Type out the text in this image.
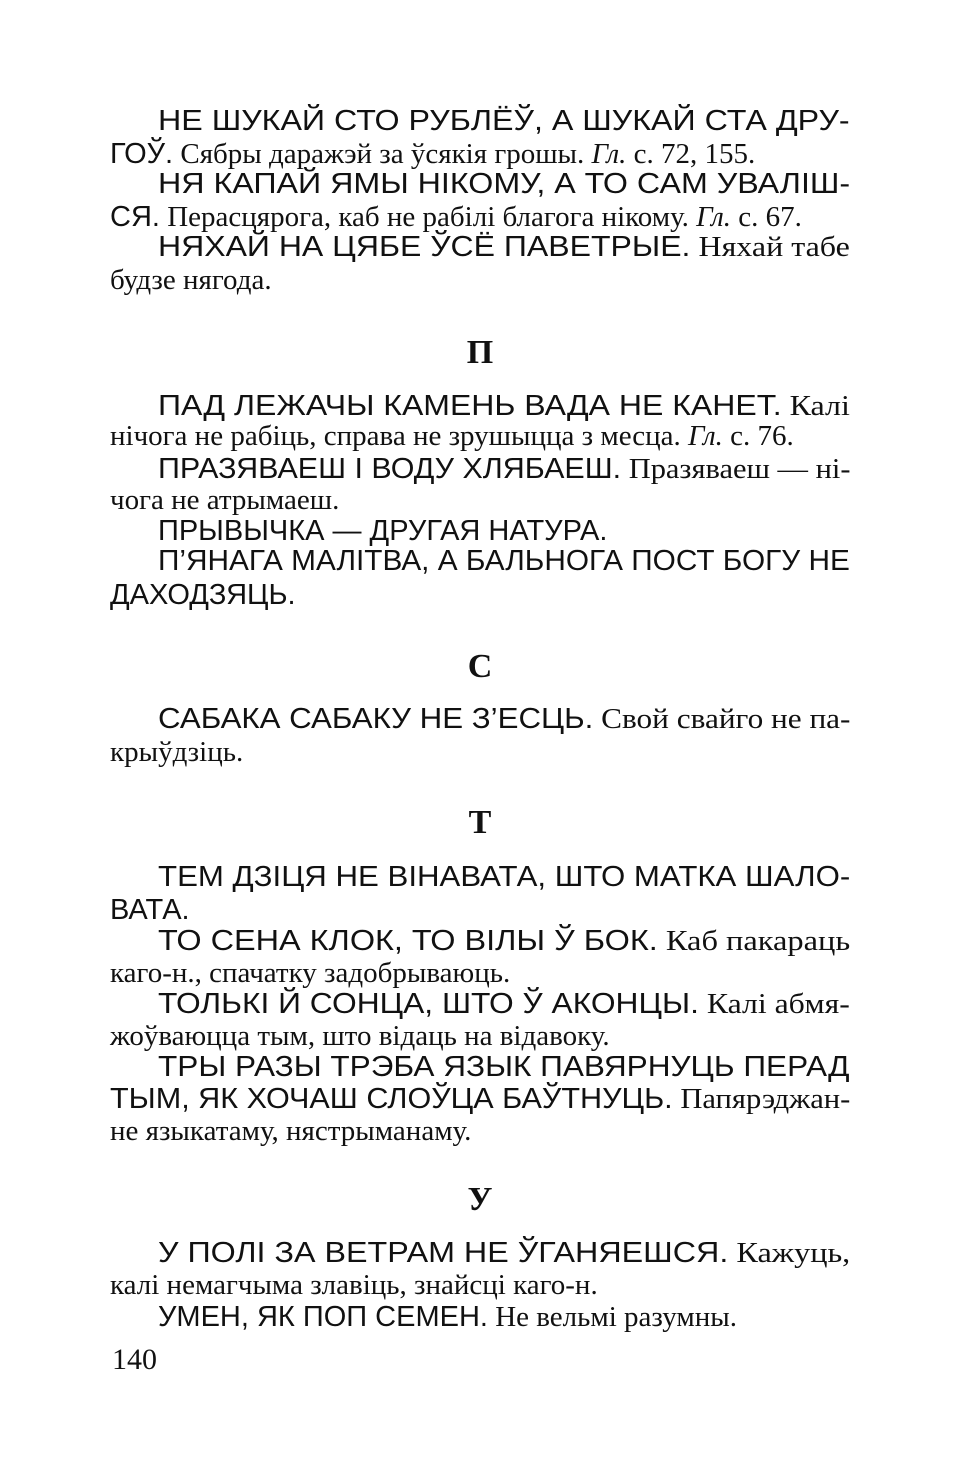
НЕ ШУКАЙ СТО РУБЛЁЎ, А ШУКАЙ СТА ДРУ-
ГОЎ. Сябры даражэй за ўсякія грошы. Гл. с. 72, 155.
НЯ КАПАЙ ЯМЫ НІКОМУ, А ТО САМ УВАЛІШ-
СЯ. Перасцярога, каб не рабілі благога нікому. Гл. с. 67.
НЯХАЙ НА ЦЯБЕ ЎСЁ ПАВЕТРЫЕ. Няхай табе
будзе нягода.
П
ПАД ЛЕЖАЧЫ КАМЕНЬ ВАДА НЕ КАНЕТ. Калі
нічога не рабіць, справа не зрушыцца з месца. Гл. с. 76.
ПРАЗЯВАЕШ І ВОДУ ХЛЯБАЕШ. Празяваеш — ні-
чога не атрымаеш.
ПРЫВЫЧКА — ДРУГАЯ НАТУРА.
П’ЯНАГА МАЛІТВА, А БАЛЬНОГА ПОСТ БОГУ НЕ
ДАХОДЗЯЦЬ.
С
САБАКА САБАКУ НЕ З’ЕСЦЬ. Свой свайго не па-
крыўдзіць.
Т
ТЕМ ДЗІЦЯ НЕ ВІНАВАТА, ШТО МАТКА ШАЛО-
ВАТА.
ТО СЕНА КЛОК, ТО ВІЛЫ Ў БОК. Каб пакараць
каго-н., спачатку задобрываюць.
ТОЛЬКІ Й СОНЦА, ШТО Ў АКОНЦЫ. Калі абмя-
жоўваюцца тым, што відаць на відавоку.
ТРЫ РАЗЫ ТРЭБА ЯЗЫК ПАВЯРНУЦЬ ПЕРАД
ТЫМ, ЯК ХОЧАШ СЛОЎЦА БАЎТНУЦЬ. Папярэджан-
не языкатаму, нястрыманаму.
У
У ПОЛІ ЗА ВЕТРАМ НЕ ЎГАНЯЕШСЯ. Кажуць,
калі немагчыма злавіць, знайсці каго-н.
УМЕН, ЯК ПОП СЕМЕН. Не вельмі разумны.
140
